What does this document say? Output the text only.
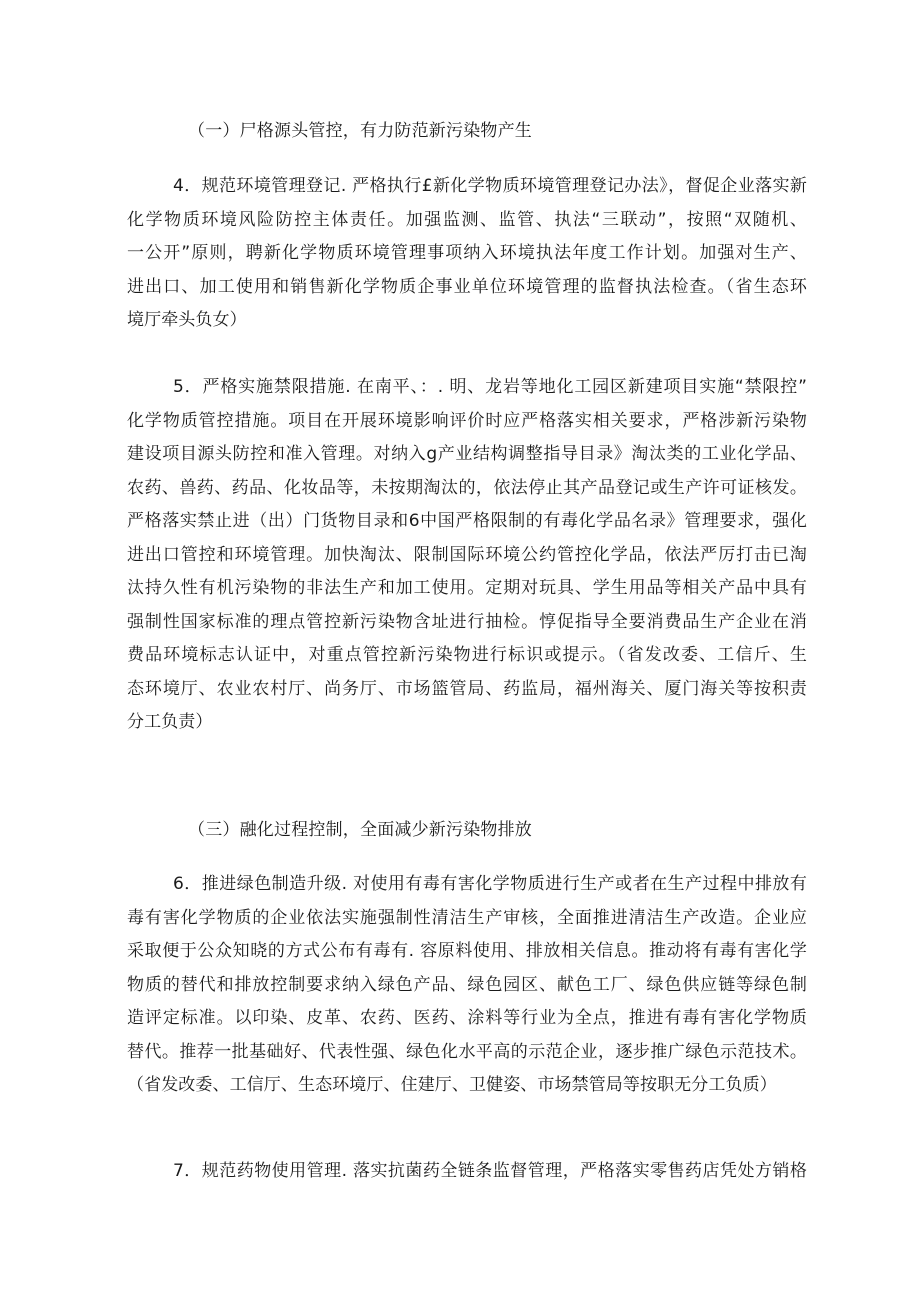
（一）尸格源头管控，有力防范新污染物产生
4．规范环境管理登记. 严格执行£新化学物质环境管理登记办法》，督促企业落实新
化学物质环境风险防控主体责任。加强监测、监管、执法“三联动”，按照“双随机、
一公开”原则，聘新化学物质环境管理事项纳入环境执法年度工作计划。加强对生产、
进出口、加工使用和销售新化学物质企事业单位环境管理的监督执法检查。（省生态环
境厅牵头负女）
5．严格实施禁限措施. 在南平、：. 明、龙岩等地化工园区新建项目实施“禁限控”
化学物质管控措施。项目在开展环境影响评价时应严格落实相关要求，严格涉新污染物
建设项目源头防控和准入管理。对纳入g产业结构调整指导目录》淘汰类的工业化学品、
农药、兽药、药品、化妆品等，未按期淘汰的，依法停止其产品登记或生产许可证核发。
严格落实禁止进（出）门货物目录和6中国严格限制的有毒化学品名录》管理要求，强化
进出口管控和环境管理。加快淘汰、限制国际环境公约管控化学品，依法严厉打击已淘
汰持久性有机污染物的非法生产和加工使用。定期对玩具、学生用品等相关产品中具有
强制性国家标准的理点管控新污染物含址进行抽检。惇促指导全要消费品生产企业在消
费品环境标志认证中，对重点管控新污染物进行标识或提示。（省发改委、工信斤、生
态环境厅、农业农村厅、尚务厅、市场篮管局、药监局，福州海关、厦门海关等按积责
分工负责）
（三）融化过程控制，全面减少新污染物排放
6．推进绿色制造升级. 对使用有毒有害化学物质进行生产或者在生产过程中排放有
毒有害化学物质的企业依法实施强制性清洁生产审核，全面推进清洁生产改造。企业应
采取便于公众知晓的方式公布有毒有. 容原料使用、排放相关信息。推动将有毒有害化学
物质的替代和排放控制要求纳入绿色产品、绿色园区、献色工厂、绿色供应链等绿色制
造评定标准。以印染、皮革、农药、医药、涂料等行业为全点，推进有毒有害化学物质
替代。推荐一批基础好、代表性强、绿色化水平高的示范企业，逐步推广绿色示范技术。
（省发改委、工信厅、生态环境厅、住建厅、卫健姿、市场禁管局等按职无分工负质）
7．规范药物使用管理. 落实抗菌药全链条监督管理，严格落实零售药店凭处方销格
